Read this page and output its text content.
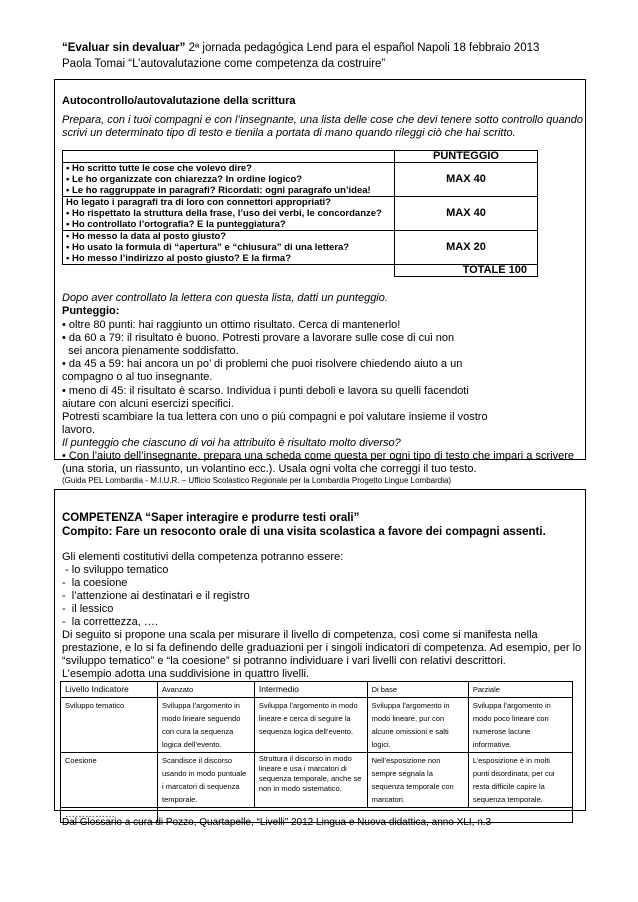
“Evaluar sin devaluar” 2ª jornada pedagógica Lend para el español Napoli 18 febbraio 2013
Paola Tomai “L’autovalutazione come competenza da costruire”
Autocontrollo/autovalutazione della scrittura
Prepara, con i tuoi compagni e con l’insegnante, una lista delle cose che devi tenere sotto controllo quando
scrivi un determinato tipo di testo e tienila a portata di mano quando rileggi ciò che hai scritto.
	PUNTEGGIO

• Ho scritto tutte le cose che volevo dire?
• Le ho organizzate con chiarezza? In ordine logico?
• Le ho raggruppate in paragrafi? Ricordati: ogni paragrafo un’idea!	MAX 40

Ho legato i paragrafi tra di loro con connettori appropriati?
• Ho rispettato la struttura della frase, l’uso dei verbi, le concordanze?
• Ho controllato l’ortografia? E la punteggiatura?	MAX 40

• Ho messo la data al posto giusto?
• Ho usato la formula di “apertura” e “chiusura” di una lettera?
• Ho messo l’indirizzo al posto giusto? E la firma?	MAX 20
	TOTALE 100
Dopo aver controllato la lettera con questa lista, datti un punteggio.
Punteggio:
• oltre 80 punti: hai raggiunto un ottimo risultato. Cerca di mantenerlo!
• da 60 a 79: il risultato è buono. Potresti provare a lavorare sulle cose di cui non
sei ancora pienamente soddisfatto.
• da 45 a 59: hai ancora un po’ di problemi che puoi risolvere chiedendo aiuto a un
compagno o al tuo insegnante.
• meno di 45: il risultato è scarso. Individua i punti deboli e lavora su quelli facendoti
aiutare con alcuni esercizi specifici.
Potresti scambiare la tua lettera con uno o più compagni e poi valutare insieme il vostro
lavoro.
Il punteggio che ciascuno di voi ha attribuito è risultato molto diverso?
• Con l’aiuto dell’insegnante, prepara una scheda come questa per ogni tipo di testo che impari a scrivere
(una storia, un riassunto, un volantino ecc.). Usala ogni volta che correggi il tuo testo.
(Guida PEL Lombardia - M.I.U.R. – Ufficio Scolastico Regionale per la Lombardia Progetto Lingue Lombardia)
COMPETENZA “Saper interagire e produrre testi orali”
Compito: Fare un resoconto orale di una visita scolastica a favore dei compagni assenti.
Gli elementi costitutivi della competenza potranno essere:
- lo sviluppo tematico
-  la coesione
-  l’attenzione ai destinatari e il registro
-  il lessico
-  la correttezza, ….
Di seguito si propone una scala per misurare il livello di competenza, così come si manifesta nella
prestazione, e lo si fa definendo delle graduazioni per i singoli indicatori di competenza. Ad esempio, per lo
“sviluppo tematico” e “la coesione” si potranno individuare i vari livelli con relativi descrittori.
L’esempio adotta una suddivisione in quattro livelli.
Livello Indicatore	Avanzato	Intermedio	Di base	Parziale
Sviluppo tematico	Sviluppa l’argomento in modo lineare seguendo con cura la sequenza logica dell’evento.	Sviluppa l’argomento in modo lineare e cerca di seguire la sequenza logica dell’evento.	Sviluppa l’argomento in modo lineare, pur con alcune omissioni e salti logici.	Sviluppa l’argomento in modo poco lineare con numerose lacune informative.
Coesione	Scandisce il discorso usando in modo puntuale i marcatori di sequenza temporale.	Struttura il discorso in modo lineare e usa i marcatori di sequenza temporale, anche se non in modo sistematico.	Nell’esposizione non sempre segnala la sequenza temporale con marcatori.	L’esposizione è in molti punti disordinata, per cui resta difficile capire la sequenza temporale.
……………				
Dal Glossario a cura di Pozzo, Quartapelle, “Livelli” 2012 Lingua e Nuova didattica, anno XLI, n.3
